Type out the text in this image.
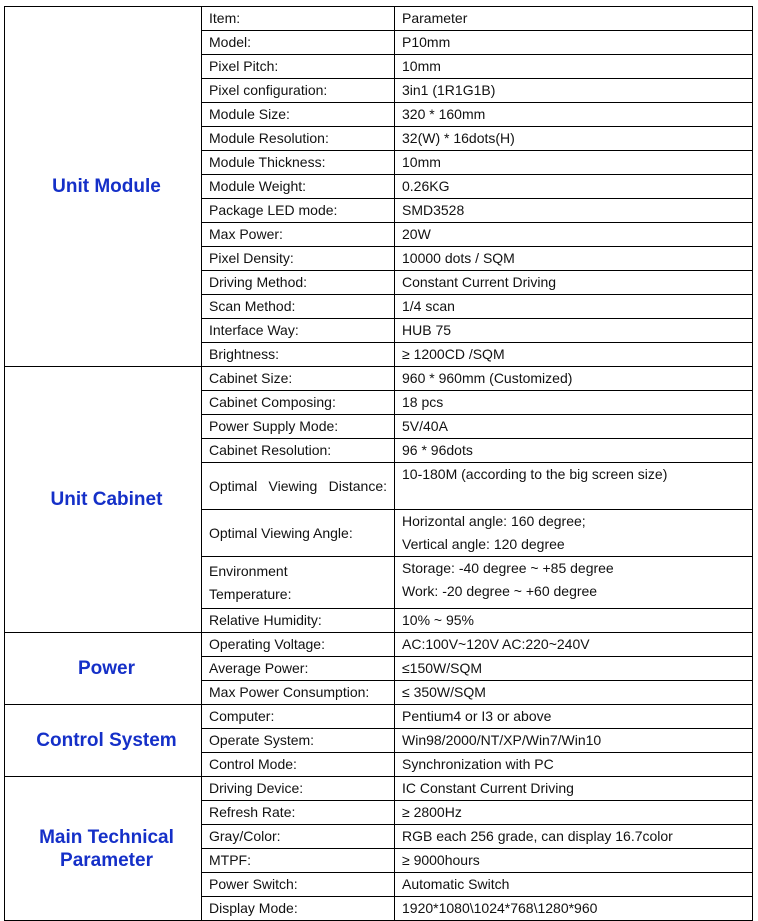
Unit Module	Item:	Parameter
	Model:	P10mm
	Pixel Pitch:	10mm
	Pixel configuration:	3in1 (1R1G1B)
	Module Size:	320 * 160mm
	Module Resolution:	32(W) * 16dots(H)
	Module Thickness:	10mm
	Module Weight:	0.26KG
	Package LED mode:	SMD3528
	Max Power:	20W
	Pixel Density:	10000 dots / SQM
	Driving Method:	Constant Current Driving
	Scan Method:	1/4 scan
	Interface Way:	HUB 75
	Brightness:	≥ 1200CD /SQM
Unit Cabinet	Cabinet Size:	960 * 960mm (Customized)
	Cabinet Composing:	18 pcs
	Power Supply Mode:	5V/40A
	Cabinet Resolution:	96 * 96dots
	Optimal Viewing Distance:	10-180M (according to the big screen size)
	Optimal Viewing Angle:	Horizontal angle: 160 degree;
Vertical angle: 120 degree

	Environment
Temperature:	Storage: -40 degree ~ +85 degree
Work: -20 degree ~ +60 degree

	Relative Humidity:	10% ~ 95%
Power	Operating Voltage:	AC:100V~120V AC:220~240V
	Average Power:	≤150W/SQM
	Max Power Consumption:	≤ 350W/SQM
Control System	Computer:	Pentium4 or I3 or above
	Operate System:	Win98/2000/NT/XP/Win7/Win10
	Control Mode:	Synchronization with PC

Main Technical
Parameter	Driving Device:	IC Constant Current Driving
	Refresh Rate:	≥ 2800Hz
	Gray/Color:	RGB each 256 grade, can display 16.7color
	MTPF:	≥ 9000hours
	Power Switch:	Automatic Switch
	Display Mode:	1920*1080\1024*768\1280*960
